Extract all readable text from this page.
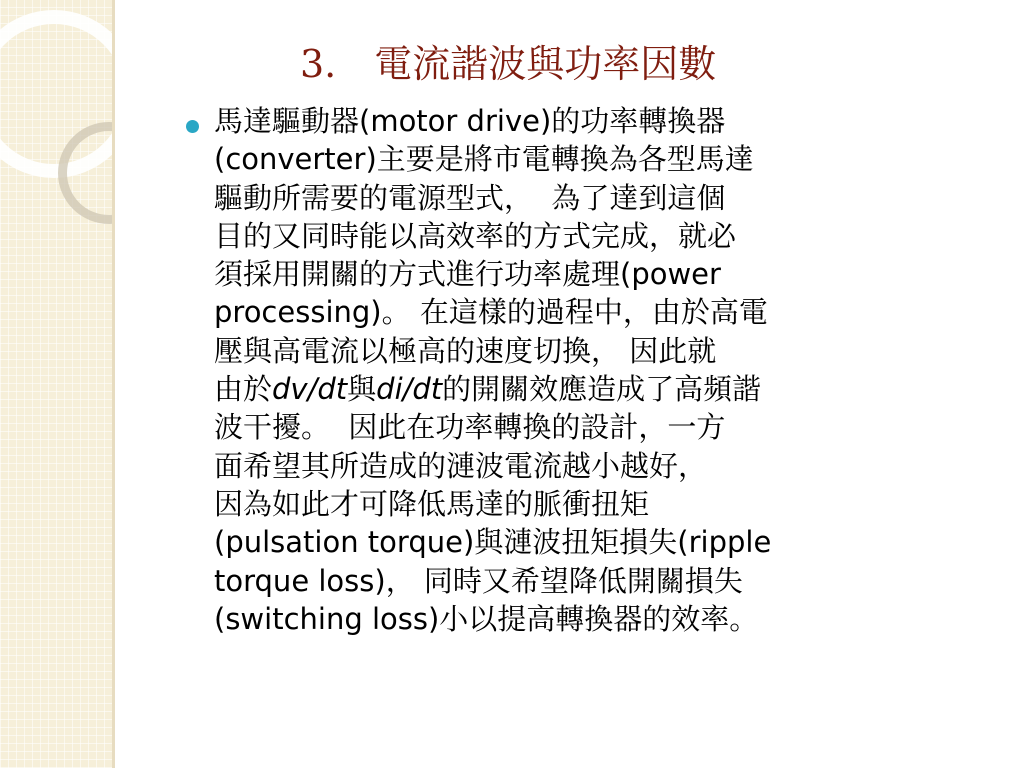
3.　電流諧波與功率因數
馬達驅動器(motor drive)的功率轉換器
(converter)主要是將市電轉換為各型馬達
驅動所需要的電源型式，  為了達到這個
目的又同時能以高效率的方式完成，就必
須採用開關的方式進行功率處理(power
processing)。 在這樣的過程中，由於高電
壓與高電流以極高的速度切換， 因此就
由於dv/dt與di/dt的開關效應造成了高頻諧
波干擾。  因此在功率轉換的設計，一方
面希望其所造成的漣波電流越小越好，
因為如此才可降低馬達的脈衝扭矩
(pulsation torque)與漣波扭矩損失(ripple
torque loss)， 同時又希望降低開關損失
(switching loss)小以提高轉換器的效率。
